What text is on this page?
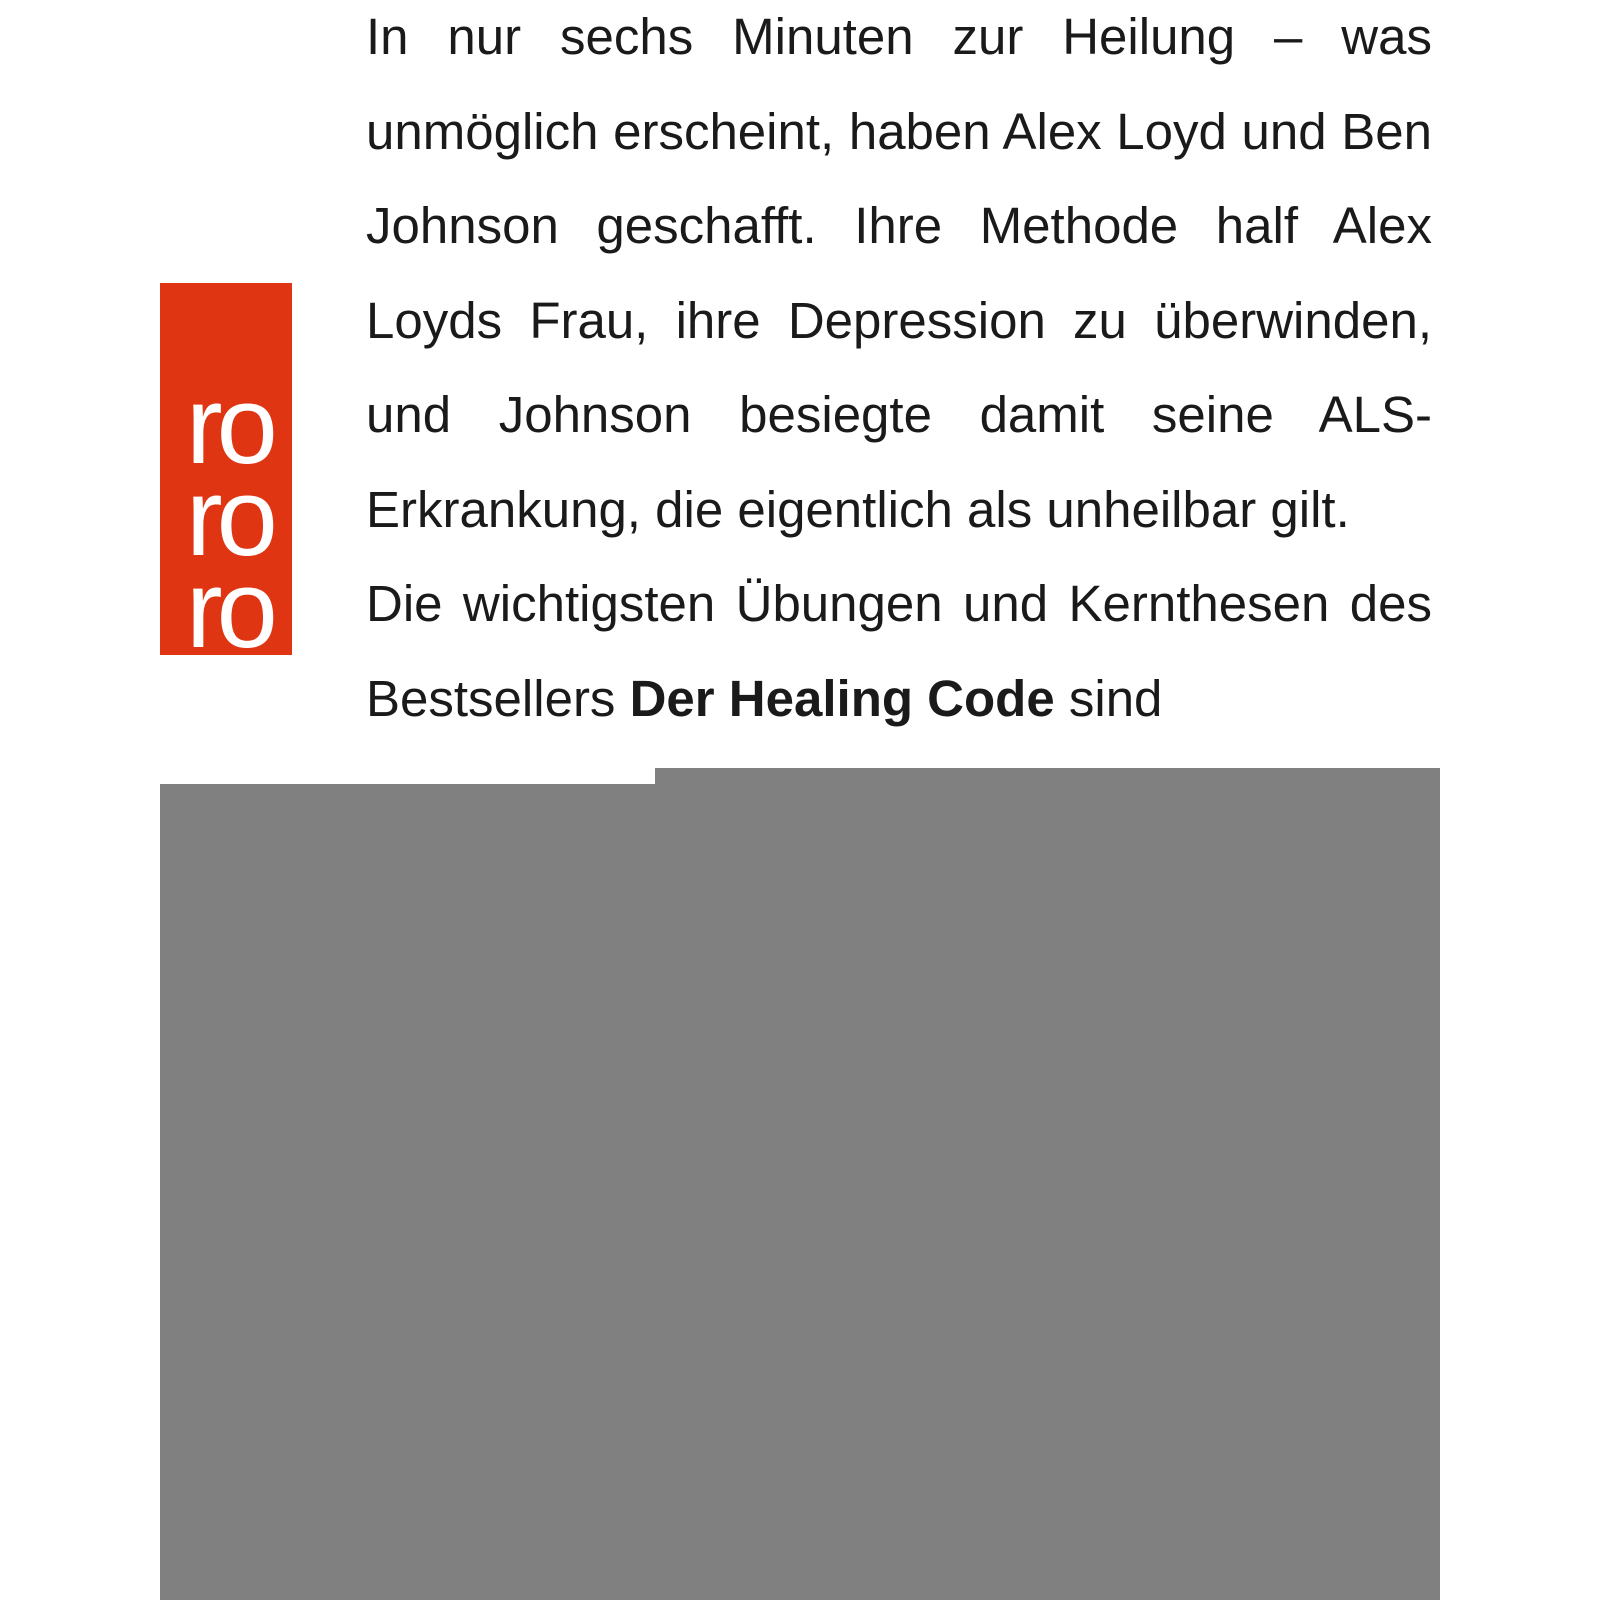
ro
ro
ro

In nur sechs Minuten zur Heilung – was unmöglich erscheint, haben Alex Loyd und Ben Johnson geschafft. Ihre Methode half Alex Loyds Frau, ihre Depression zu überwinden, und Johnson besiegte damit seine ALS-Erkrankung, die eigentlich als unheilbar gilt.

Die wichtigsten Übungen und Kernthesen des Bestsellers Der Healing Code sind
